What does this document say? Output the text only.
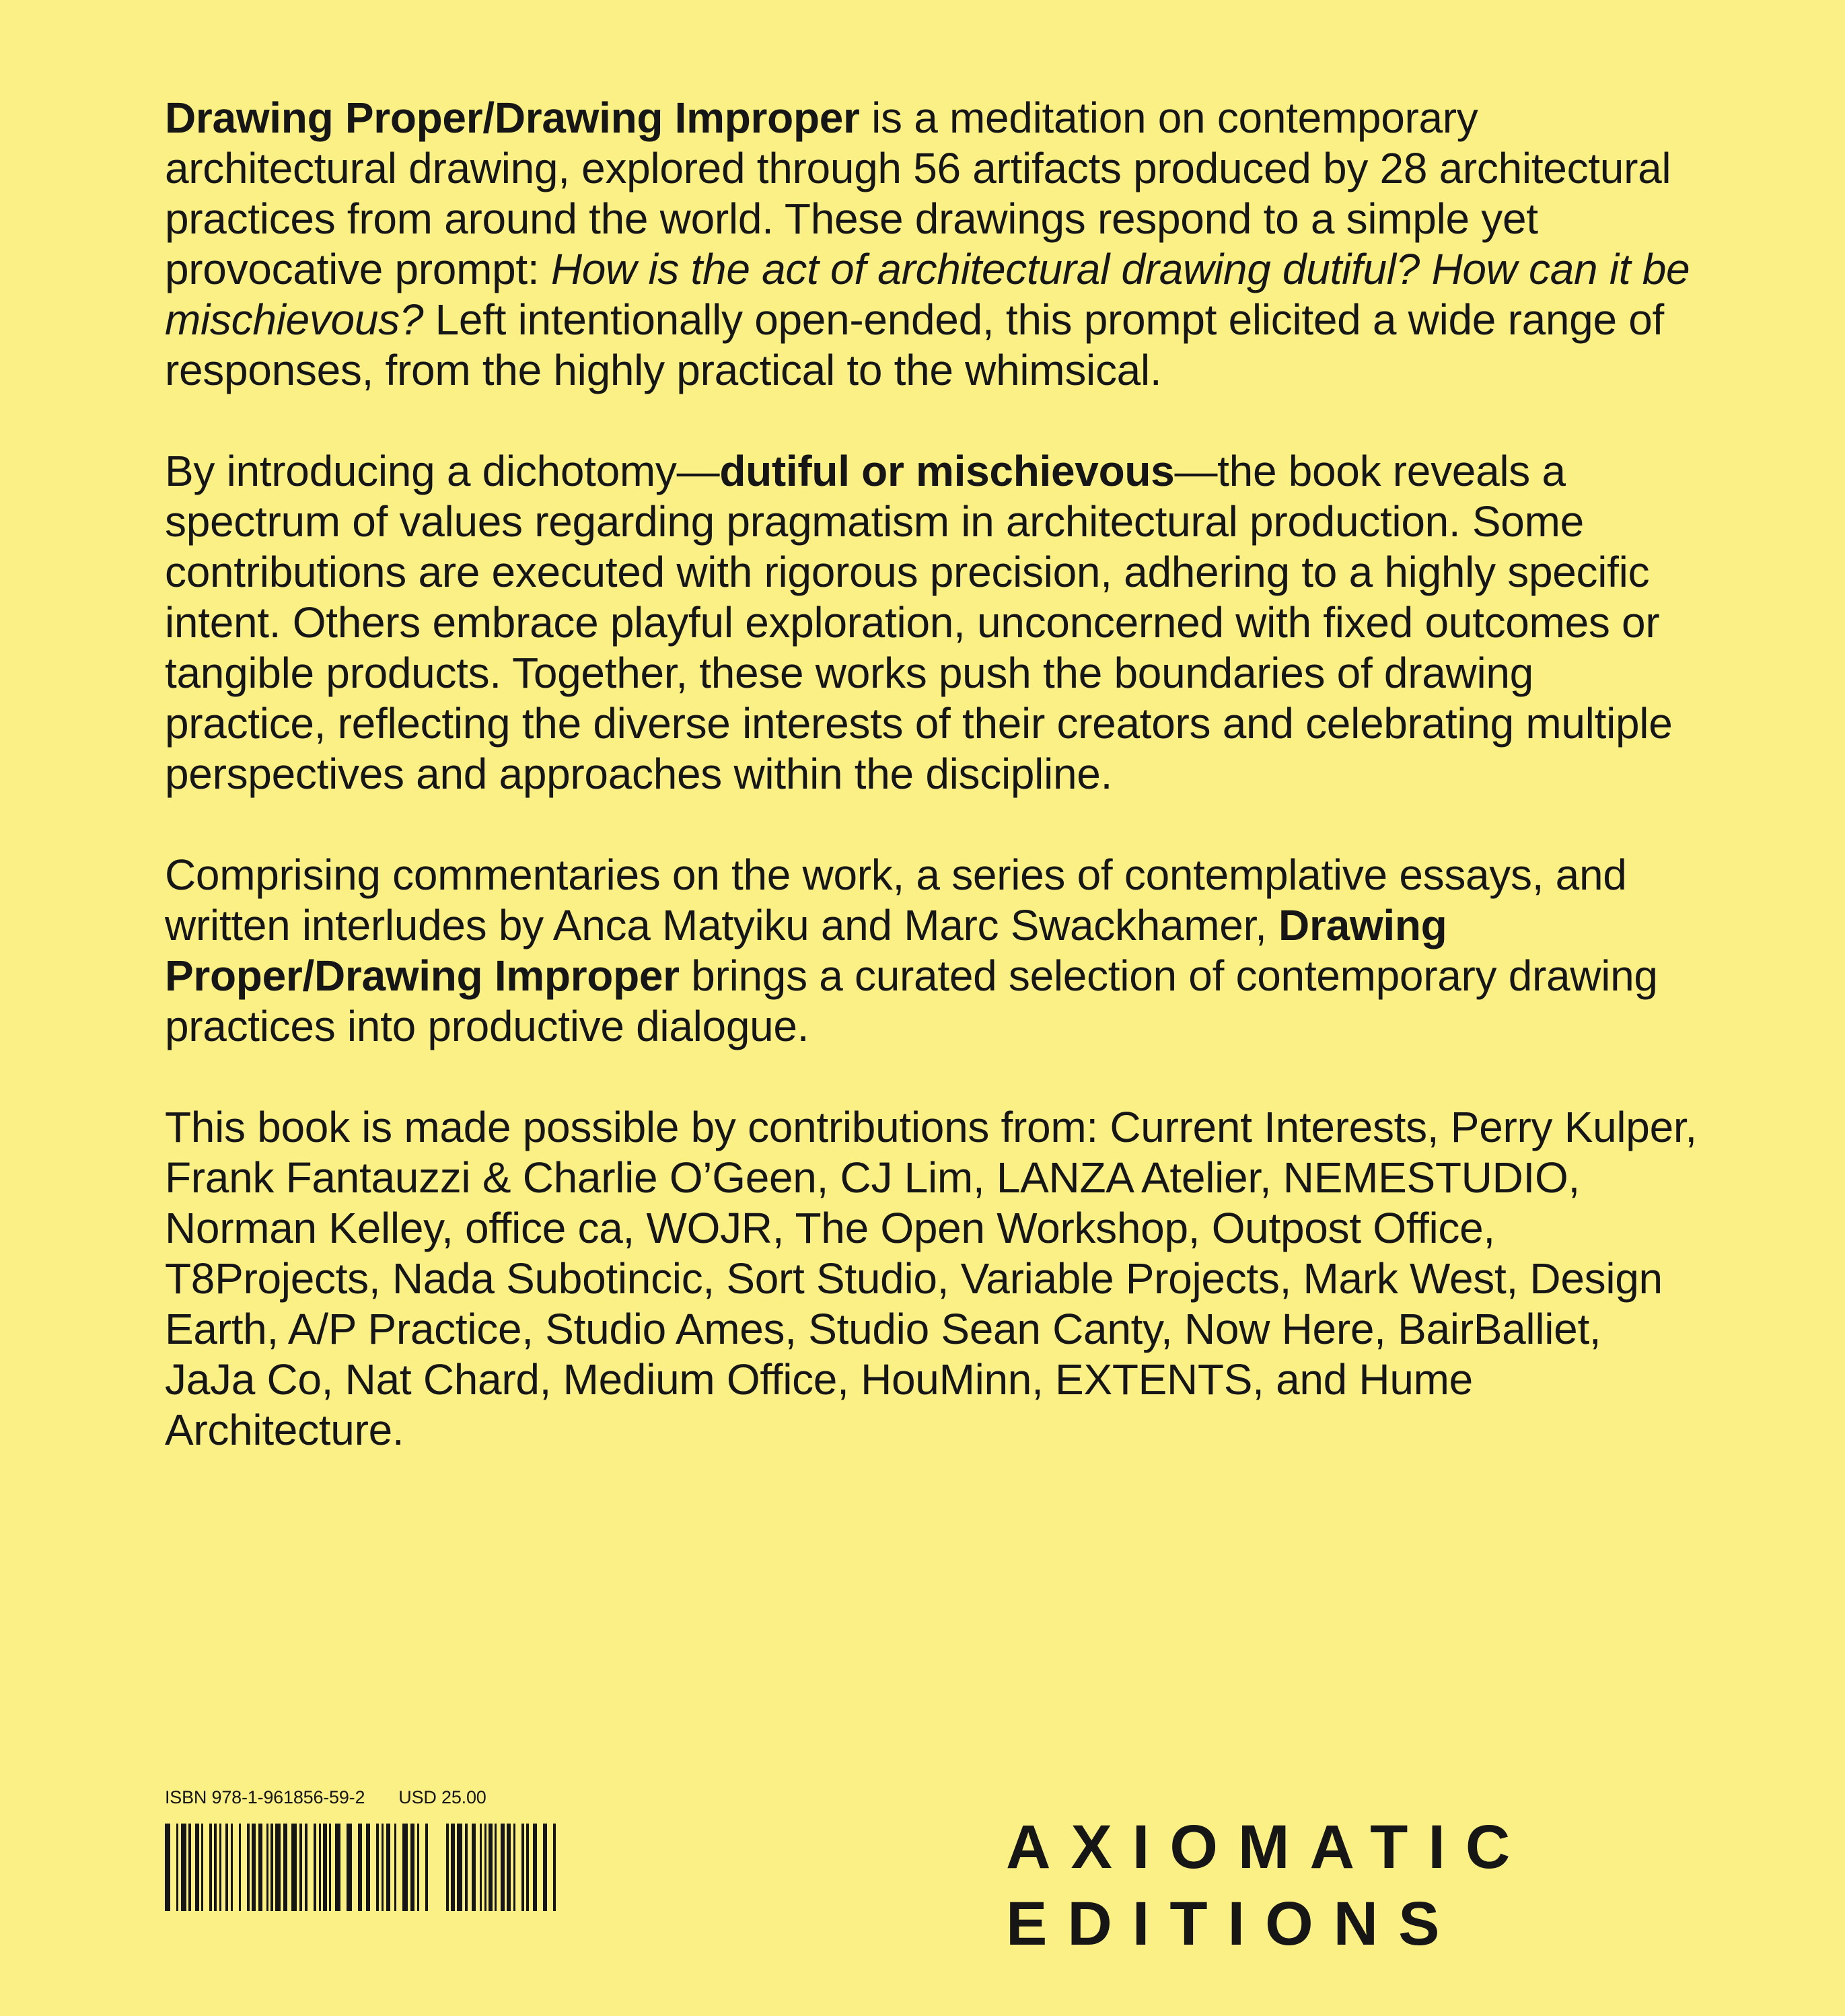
Drawing Proper/Drawing Improper is a meditation on contemporary architectural drawing, explored through 56 artifacts produced by 28 architectural practices from around the world. These drawings respond to a simple yet provocative prompt: How is the act of architectural drawing dutiful? How can it be mischievous? Left intentionally open-ended, this prompt elicited a wide range of responses, from the highly practical to the whimsical.

By introducing a dichotomy—dutiful or mischievous—the book reveals a spectrum of values regarding pragmatism in architectural production. Some contributions are executed with rigorous precision, adhering to a highly specific intent. Others embrace playful exploration, unconcerned with fixed outcomes or tangible products. Together, these works push the boundaries of drawing practice, reflecting the diverse interests of their creators and celebrating multiple perspectives and approaches within the discipline.

Comprising commentaries on the work, a series of contemplative essays, and written interludes by Anca Matyiku and Marc Swackhamer, Drawing Proper/Drawing Improper brings a curated selection of contemporary drawing practices into productive dialogue.

This book is made possible by contributions from: Current Interests, Perry Kulper, Frank Fantauzzi & Charlie O’Geen, CJ Lim, LANZA Atelier, NEMESTUDIO, Norman Kelley, office ca, WOJR, The Open Workshop, Outpost Office, T8Projects, Nada Subotincic, Sort Studio, Variable Projects, Mark West, Design Earth, A/P Practice, Studio Ames, Studio Sean Canty, Now Here, BairBalliet, JaJa Co, Nat Chard, Medium Office, HouMinn, EXTENTS, and Hume Architecture.

ISBN 978-1-961856-59-2 USD 25.00
AXIOMATIC
EDITIONS
